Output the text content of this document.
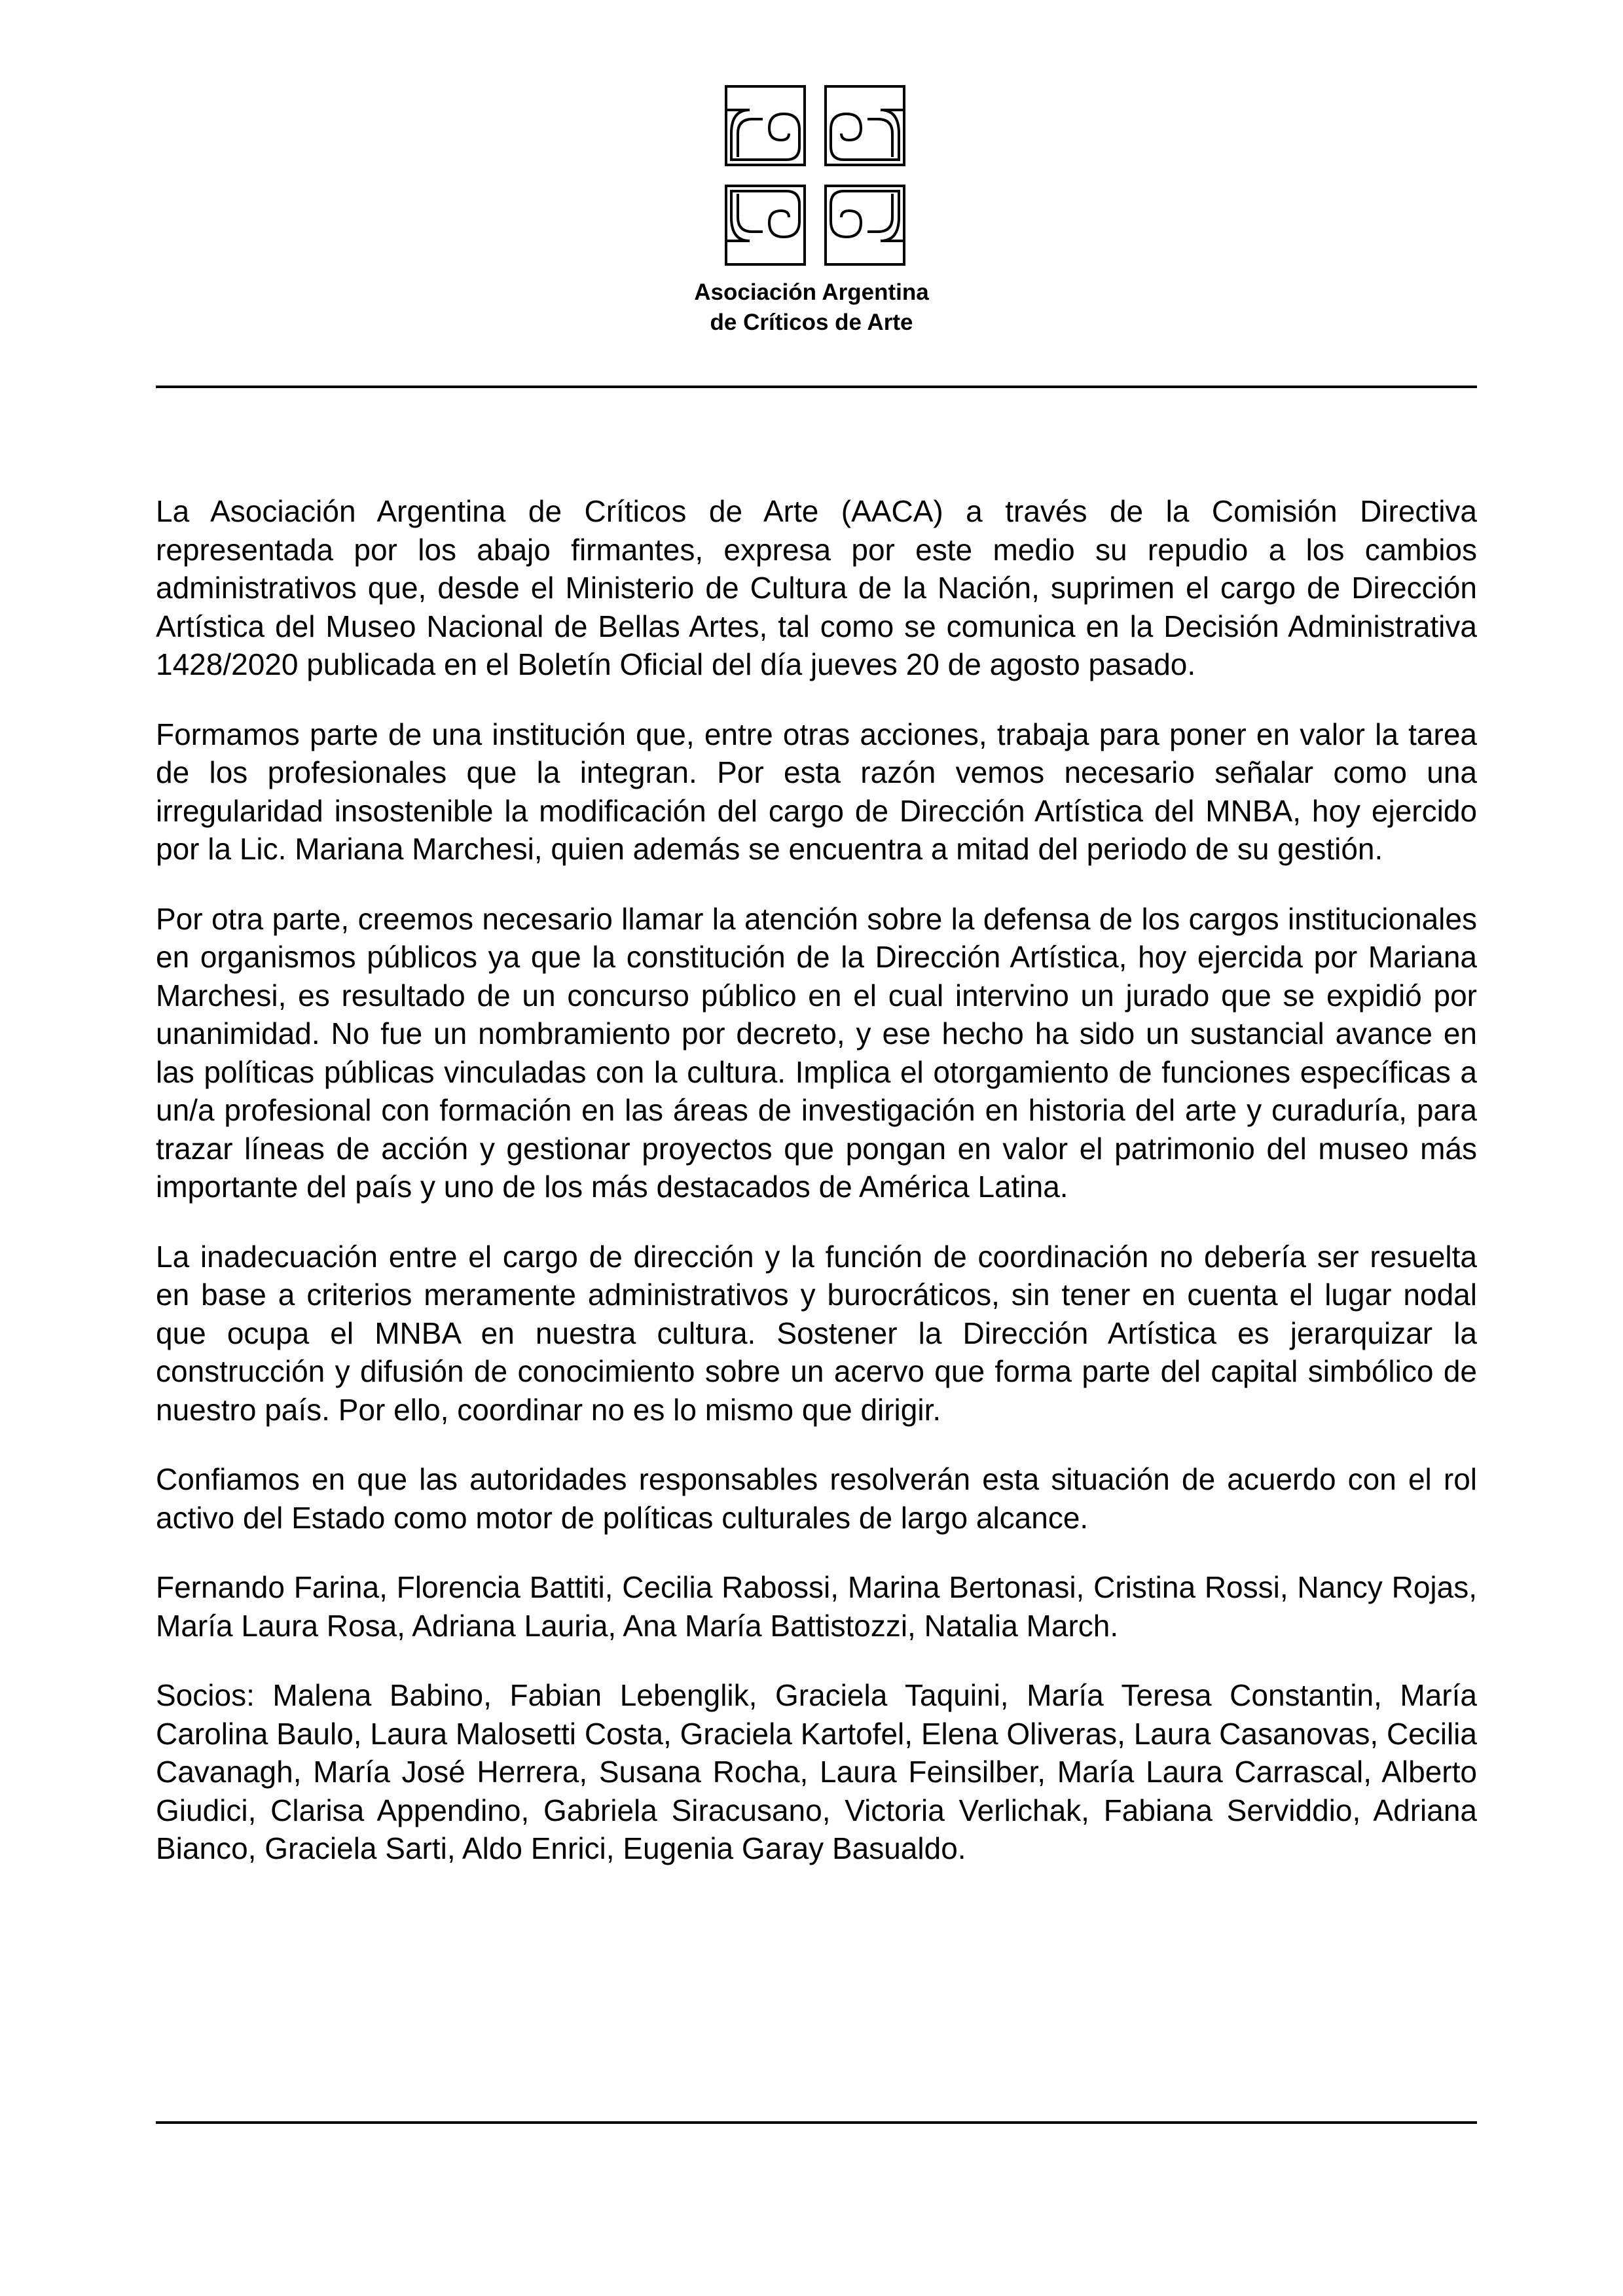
Asociación Argentina
de Críticos de Arte

La Asociación Argentina de Críticos de Arte (AACA) a través de la Comisión Directiva representada por los abajo firmantes, expresa por este medio su repudio a los cambios administrativos que, desde el Ministerio de Cultura de la Nación, suprimen el cargo de Dirección Artística del Museo Nacional de Bellas Artes, tal como se comunica en la Decisión Administrativa 1428/2020 publicada en el Boletín Oficial del día jueves 20 de agosto pasado.

Formamos parte de una institución que, entre otras acciones, trabaja para poner en valor la tarea de los profesionales que la integran. Por esta razón vemos necesario señalar como una irregularidad insostenible la modificación del cargo de Dirección Artística del MNBA, hoy ejercido por la Lic. Mariana Marchesi, quien además se encuentra a mitad del periodo de su gestión.

Por otra parte, creemos necesario llamar la atención sobre la defensa de los cargos institucionales en organismos públicos ya que la constitución de la Dirección Artística, hoy ejercida por Mariana Marchesi, es resultado de un concurso público en el cual intervino un jurado que se expidió por unanimidad. No fue un nombramiento por decreto, y ese hecho ha sido un sustancial avance en las políticas públicas vinculadas con la cultura. Implica el otorgamiento de funciones específicas a un/a profesional con formación en las áreas de investigación en historia del arte y curaduría, para trazar líneas de acción y gestionar proyectos que pongan en valor el patrimonio del museo más importante del país y uno de los más destacados de América Latina.

La inadecuación entre el cargo de dirección y la función de coordinación no debería ser resuelta en base a criterios meramente administrativos y burocráticos, sin tener en cuenta el lugar nodal que ocupa el MNBA en nuestra cultura. Sostener la Dirección Artística es jerarquizar la construcción y difusión de conocimiento sobre un acervo que forma parte del capital simbólico de nuestro país. Por ello, coordinar no es lo mismo que dirigir.

Confiamos en que las autoridades responsables resolverán esta situación de acuerdo con el rol activo del Estado como motor de políticas culturales de largo alcance.

Fernando Farina, Florencia Battiti, Cecilia Rabossi, Marina Bertonasi, Cristina Rossi, Nancy Rojas, María Laura Rosa, Adriana Lauria, Ana María Battistozzi, Natalia March.

Socios: Malena Babino, Fabian Lebenglik, Graciela Taquini, María Teresa Constantin, María Carolina Baulo, Laura Malosetti Costa, Graciela Kartofel, Elena Oliveras, Laura Casanovas, Cecilia Cavanagh, María José Herrera, Susana Rocha, Laura Feinsilber, María Laura Carrascal, Alberto Giudici, Clarisa Appendino, Gabriela Siracusano, Victoria Verlichak, Fabiana Serviddio, Adriana Bianco, Graciela Sarti, Aldo Enrici, Eugenia Garay Basualdo.
